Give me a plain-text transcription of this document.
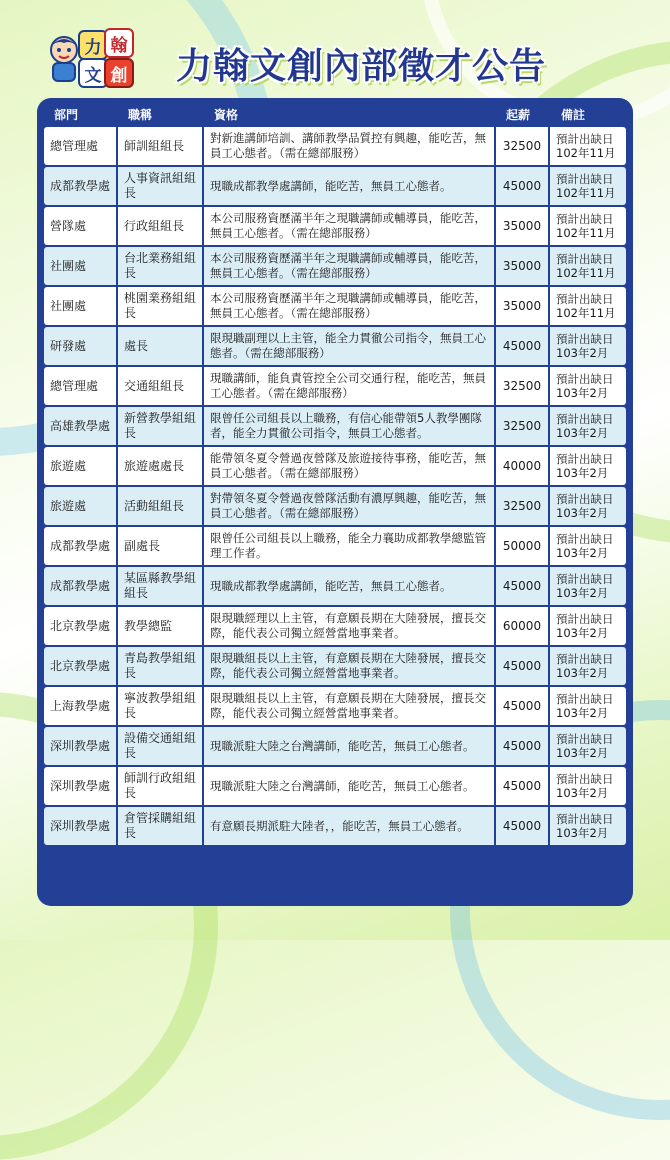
力 翰
文 創 力翰文創內部徵才公告
部門	職稱	資格	起薪	備註
總管理處	師訓組組長	對新進講師培訓、講師教學品質控有興趣，能吃苦，無員工心態者。（需在總部服務）	32500	預計出缺日102年11月
成都教學處	人事資訊組組長	現職成都教學處講師，能吃苦，無員工心態者。	45000	預計出缺日102年11月
營隊處	行政組組長	本公司服務資歷滿半年之現職講師或輔導員，能吃苦，無員工心態者。（需在總部服務）	35000	預計出缺日102年11月
社團處	台北業務組組長	本公司服務資歷滿半年之現職講師或輔導員，能吃苦，無員工心態者。（需在總部服務）	35000	預計出缺日102年11月
社團處	桃園業務組組長	本公司服務資歷滿半年之現職講師或輔導員，能吃苦，無員工心態者。（需在總部服務）	35000	預計出缺日102年11月
研發處	處長	限現職副理以上主管，能全力貫徹公司指令，無員工心態者。（需在總部服務）	45000	預計出缺日103年2月
總管理處	交通組組長	現職講師，能負責管控全公司交通行程，能吃苦，無員工心態者。（需在總部服務）	32500	預計出缺日103年2月
高雄教學處	新營教學組組長	限曾任公司組長以上職務，有信心能帶領5人教學團隊者，能全力貫徹公司指令，無員工心態者。	32500	預計出缺日103年2月
旅遊處	旅遊處處長	能帶領冬夏令營過夜營隊及旅遊接待事務，能吃苦，無員工心態者。（需在總部服務）	40000	預計出缺日103年2月
旅遊處	活動組組長	對帶領冬夏令營過夜營隊活動有濃厚興趣，能吃苦，無員工心態者。（需在總部服務）	32500	預計出缺日103年2月
成都教學處	副處長	限曾任公司組長以上職務，能全力襄助成都教學總監管理工作者。	50000	預計出缺日103年2月
成都教學處	某區縣教學組組長	現職成都教學處講師，能吃苦，無員工心態者。	45000	預計出缺日103年2月
北京教學處	教學總監	限現職經理以上主管，有意願長期在大陸發展，擅長交際，能代表公司獨立經營當地事業者。	60000	預計出缺日103年2月
北京教學處	青島教學組組長	限現職組長以上主管，有意願長期在大陸發展，擅長交際，能代表公司獨立經營當地事業者。	45000	預計出缺日103年2月
上海教學處	寧波教學組組長	限現職組長以上主管，有意願長期在大陸發展，擅長交際，能代表公司獨立經營當地事業者。	45000	預計出缺日103年2月
深圳教學處	設備交通組組長	現職派駐大陸之台灣講師，能吃苦，無員工心態者。	45000	預計出缺日103年2月
深圳教學處	師訓行政組組長	現職派駐大陸之台灣講師，能吃苦，無員工心態者。	45000	預計出缺日103年2月
深圳教學處	倉管採購組組長	有意願長期派駐大陸者，，能吃苦，無員工心態者。	45000	預計出缺日103年2月
